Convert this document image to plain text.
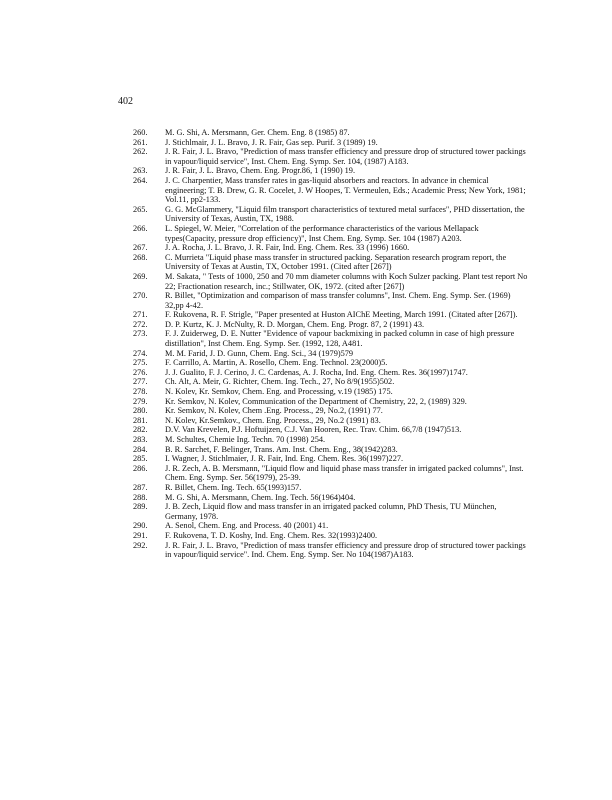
402
260.	M. G. Shi, A. Mersmann, Ger. Chem. Eng. 8 (1985) 87.
261.	J. Stichlmair, J. L. Bravo, J. R. Fair, Gas sep. Purif. 3 (1989) 19.
262.	J. R. Fair, J. L. Bravo, "Prediction of mass transfer efficiency and pressure drop of structured tower packings in vapour/liquid service", Inst. Chem. Eng. Symp. Ser. 104, (1987) A183.
263.	J. R. Fair, J. L. Bravo, Chem. Eng. Progr.86, 1 (1990) 19.
264.	J. C. Charpentier, Mass transfer rates in gas-liquid absorbers and reactors. In advance in chemical engineering; T. B. Drew, G. R. Cocelet, J. W Hoopes, T. Vermeulen, Eds.; Academic Press; New York, 1981; Vol.11, pp2-133.
265.	G. G. McGlammery, "Liquid film transport characteristics of textured metal surfaces", PHD dissertation, the University of Texas, Austin, TX, 1988.
266.	L. Spiegel, W. Meier, "Correlation of the performance characteristics of the various Mellapack types(Capacity, pressure drop efficiency)", Inst Chem. Eng. Symp. Ser. 104 (1987) A203.
267.	J. A. Rocha, J. L. Bravo, J. R. Fair, Ind. Eng. Chem. Res. 33 (1996) 1660.
268.	C. Murrieta "Liquid phase mass transfer in structured packing. Separation research program report, the University of Texas at Austin, TX, October 1991. (Cited after [267])
269.	M. Sakata, " Tests of 1000, 250 and 70 mm diameter columns with Koch Sulzer packing. Plant test report No 22; Fractionation research, inc.; Stillwater, OK, 1972. (cited after [267])
270.	R. Billet, "Optimization and comparison of mass transfer columns", Inst. Chem. Eng. Symp. Ser. (1969) 32,pp 4-42.
271.	F. Rukovena, R. F. Strigle, "Paper presented at Huston AIChE Meeting, March 1991. (Citated after [267]).
272.	D. P. Kurtz, K. J. McNulty, R. D. Morgan, Chem. Eng. Progr. 87, 2 (1991) 43.
273.	F. J. Zuiderweg, D. E. Nutter "Evidence of vapour backmixing in packed column in case of high pressure distillation", Inst Chem. Eng. Symp. Ser. (1992, 128, A481.
274.	M. M. Farid, J. D. Gunn, Chem. Eng. Sci., 34 (1979)579
275.	F. Carrillo, A. Martin, A. Rosello, Chem. Eng. Technol. 23(2000)5.
276.	J. J. Gualito, F. J. Cerino, J. C. Cardenas, A. J. Rocha, Ind. Eng. Chem. Res. 36(1997)1747.
277.	Ch. Alt, A. Meir, G. Richter, Chem. Ing. Tech., 27, No 8/9(1955)502.
278.	N. Kolev, Kr. Semkov, Chem. Eng. and Processing, v.19 (1985) 175.
279.	Kr. Semkov, N. Kolev, Communication of the Department of Chemistry, 22, 2, (1989) 329.
280.	Kr. Semkov, N. Kolev, Chem .Eng. Process., 29, No.2, (1991) 77.
281.	N. Kolev, Kr.Semkov., Chem. Eng. Process., 29, No.2 (1991) 83.
282.	D.V. Van Krevelen, P.J. Hoftuijzen, C.J. Van Hooren, Rec. Trav. Chim. 66,7/8 (1947)513.
283.	M. Schultes, Chemie Ing. Techn. 70 (1998) 254.
284.	B. R. Sarchet, F. Belinger, Trans. Am. Inst. Chem. Eng., 38(1942)283.
285.	I. Wagner, J. Stichlmaier, J. R. Fair, Ind. Eng. Chem. Res. 36(1997)227.
286.	J. R. Zech, A. B. Mersmann, "Liquid flow and liquid phase mass transfer in irrigated packed columns", Inst. Chem. Eng. Symp. Ser. 56(1979), 25-39.
287.	R. Billet, Chem. Ing. Tech. 65(1993)157.
288.	M. G. Shi, A. Mersmann, Chem. Ing. Tech. 56(1964)404.
289.	J. B. Zech, Liquid flow and mass transfer in an irrigated packed column, PhD Thesis, TU München, Germany, 1978.
290.	A. Senol, Chem. Eng. and Process. 40 (2001) 41.
291.	F. Rukovena, T. D. Koshy, Ind. Eng. Chem. Res. 32(1993)2400.
292.	J. R. Fair, J. L. Bravo, "Prediction of mass transfer efficiency and pressure drop of structured tower packings in vapour/liquid service". Ind. Chem. Eng. Symp. Ser. No 104(1987)A183.
